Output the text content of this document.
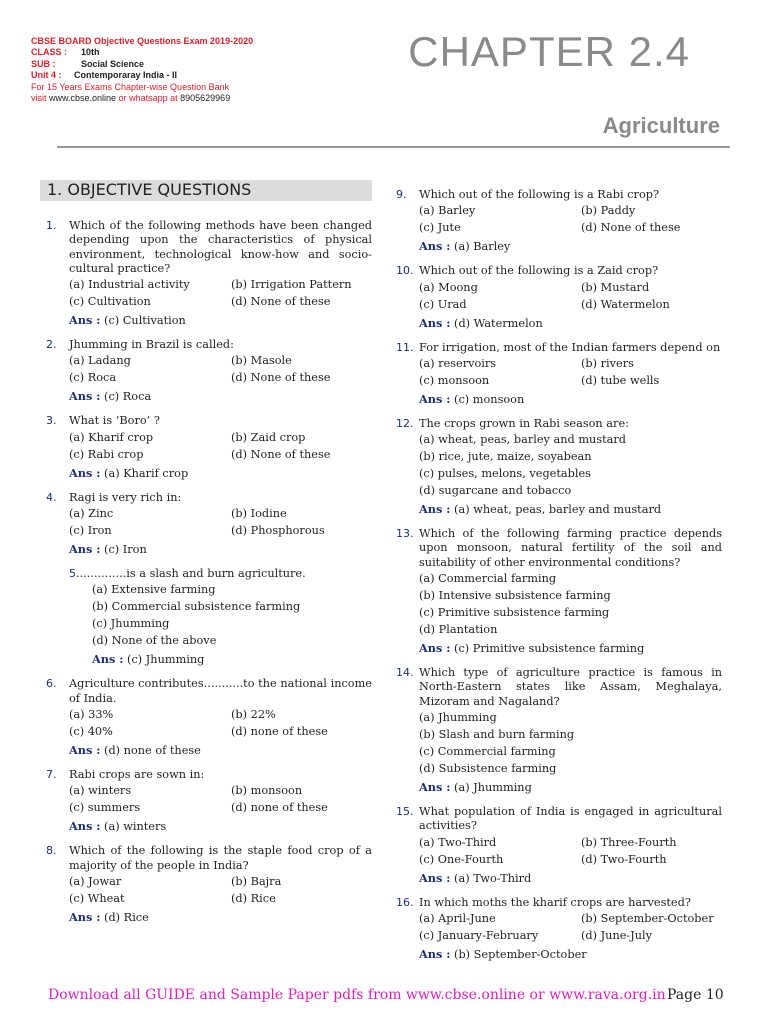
CBSE BOARD Objective Questions Exam 2019-2020
CLASS : 10th
SUB :	Social Science
Unit 4 : Contemporaray India - II
For 15 Years Exams Chapter-wise Question Bank
visit www.cbse.online or whatsapp at 8905629969
CHAPTER 2.4
Agriculture
1. OBJECTIVE QUESTIONS
1. Which of the following methods have been changed depending upon the characteristics of physical environment, technological know-how and socio-cultural practice?
(a) Industrial activity	(b) Irrigation Pattern
(c) Cultivation	(d) None of these
Ans : (c) Cultivation
2. Jhumming in Brazil is called:
(a) Ladang	(b) Masole
(c) Roca	(d) None of these
Ans : (c) Roca
3. What is ‘Boro’ ?
(a) Kharif crop	(b) Zaid crop
(c) Rabi crop	(d) None of these
Ans : (a) Kharif crop
4. Ragi is very rich in:
(a) Zinc	(b) Iodine
(c) Iron	(d) Phosphorous
Ans : (c) Iron
5..............is a slash and burn agriculture.
(a) Extensive farming
(b) Commercial subsistence farming
(c) Jhumming
(d) None of the above
Ans : (c) Jhumming
6. Agriculture contributes...........to the national income of India.
(a) 33%	(b) 22%
(c) 40%	(d) none of these
Ans : (d) none of these
7. Rabi crops are sown in:
(a) winters	(b) monsoon
(c) summers	(d) none of these
Ans : (a) winters
8. Which of the following is the staple food crop of a majority of the people in India?
(a) Jowar	(b) Bajra
(c) Wheat	(d) Rice
Ans : (d) Rice
9. Which out of the following is a Rabi crop?
(a) Barley	(b) Paddy
(c) Jute	(d) None of these
Ans : (a) Barley
10. Which out of the following is a Zaid crop?
(a) Moong	(b) Mustard
(c) Urad	(d) Watermelon
Ans : (d) Watermelon
11. For irrigation, most of the Indian farmers depend on
(a) reservoirs	(b) rivers
(c) monsoon	(d) tube wells
Ans : (c) monsoon
12. The crops grown in Rabi season are:
(a) wheat, peas, barley and mustard
(b) rice, jute, maize, soyabean
(c) pulses, melons, vegetables
(d) sugarcane and tobacco
Ans : (a) wheat, peas, barley and mustard
13. Which of the following farming practice depends upon monsoon, natural fertility of the soil and suitability of other environmental conditions?
(a) Commercial farming
(b) Intensive subsistence farming
(c) Primitive subsistence farming
(d) Plantation
Ans : (c) Primitive subsistence farming
14. Which type of agriculture practice is famous in North-Eastern states like Assam, Meghalaya, Mizoram and Nagaland?
(a) Jhumming
(b) Slash and burn farming
(c) Commercial farming
(d) Subsistence farming
Ans : (a) Jhumming
15. What population of India is engaged in agricultural activities?
(a) Two-Third	(b) Three-Fourth
(c) One-Fourth	(d) Two-Fourth
Ans : (a) Two-Third
16. In which moths the kharif crops are harvested?
(a) April-June	(b) September-October
(c) January-February	(d) June-July
Ans : (b) September-October
Download all GUIDE and Sample Paper pdfs from www.cbse.online or www.rava.org.in Page 10
